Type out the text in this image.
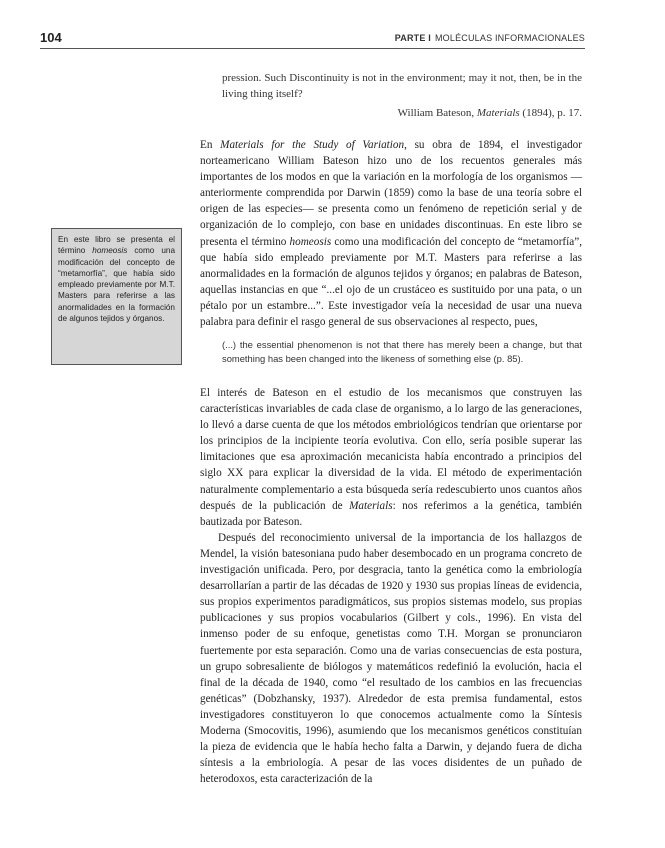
104	PARTE I MOLÉCULAS INFORMACIONALES

pression. Such Discontinuity is not in the environment; may it not, then, be in the living thing itself?

William Bateson, Materials (1894), p. 17.

En Materials for the Study of Variation, su obra de 1894, el investigador norteamericano William Bateson hizo uno de los recuentos generales más importantes de los modos en que la variación en la morfología de los organismos —anteriormente comprendida por Darwin (1859) como la base de una teoría sobre el origen de las especies— se presenta como un fenómeno de repetición serial y de organización de lo complejo, con base en unidades discontinuas. En este libro se presenta el término homeosis como una modificación del concepto de “metamorfía”, que había sido empleado previamente por M.T. Masters para referirse a las anormalidades en la formación de algunos tejidos y órganos; en palabras de Bateson, aquellas instancias en que “...el ojo de un crustáceo es sustituido por una pata, o un pétalo por un estambre...”. Este investigador veía la necesidad de usar una nueva palabra para definir el rasgo general de sus observaciones al respecto, pues,

(...) the essential phenomenon is not that there has merely been a change, but that something has been changed into the likeness of something else (p. 85).

En este libro se presenta el término homeosis como una modificación del concepto de “metamorfía”, que había sido empleado previamente por M.T. Masters para referirse a las anormalidades en la formación de algunos tejidos y órganos.

El interés de Bateson en el estudio de los mecanismos que construyen las características invariables de cada clase de organismo, a lo largo de las generaciones, lo llevó a darse cuenta de que los métodos embriológicos tendrían que orientarse por los principios de la incipiente teoría evolutiva. Con ello, sería posible superar las limitaciones que esa aproximación mecanicista había encontrado a principios del siglo XX para explicar la diversidad de la vida. El método de experimentación naturalmente complementario a esta búsqueda sería redescubierto unos cuantos años después de la publicación de Materials: nos referimos a la genética, también bautizada por Bateson.

Después del reconocimiento universal de la importancia de los hallazgos de Mendel, la visión batesoniana pudo haber desembocado en un programa concreto de investigación unificada. Pero, por desgracia, tanto la genética como la embriología desarrollarían a partir de las décadas de 1920 y 1930 sus propias líneas de evidencia, sus propios experimentos paradigmáticos, sus propios sistemas modelo, sus propias publicaciones y sus propios vocabularios (Gilbert y cols., 1996). En vista del inmenso poder de su enfoque, genetistas como T.H. Morgan se pronunciaron fuertemente por esta separación. Como una de varias consecuencias de esta postura, un grupo sobresaliente de biólogos y matemáticos redefinió la evolución, hacia el final de la década de 1940, como “el resultado de los cambios en las frecuencias genéticas” (Dobzhansky, 1937). Alrededor de esta premisa fundamental, estos investigadores constituyeron lo que conocemos actualmente como la Síntesis Moderna (Smocovitis, 1996), asumiendo que los mecanismos genéticos constituían la pieza de evidencia que le había hecho falta a Darwin, y dejando fuera de dicha síntesis a la embriología. A pesar de las voces disidentes de un puñado de heterodoxos, esta caracterización de la
